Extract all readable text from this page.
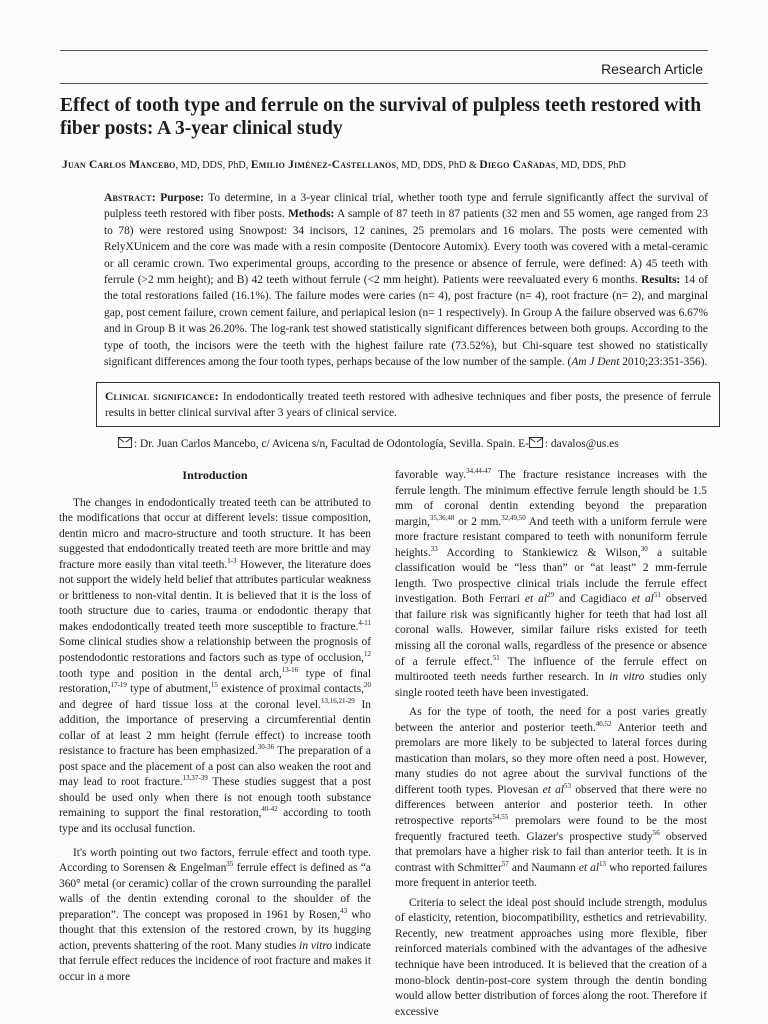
Research Article
Effect of tooth type and ferrule on the survival of pulpless teeth restored with fiber posts: A 3-year clinical study
Juan Carlos Mancebo, MD, DDS, PhD, Emilio Jiménez-Castellanos, MD, DDS, PhD & Diego Cañadas, MD, DDS, PhD

Abstract: Purpose: To determine, in a 3-year clinical trial, whether tooth type and ferrule significantly affect the survival of pulpless teeth restored with fiber posts. Methods: A sample of 87 teeth in 87 patients (32 men and 55 women, age ranged from 23 to 78) were restored using Snowpost: 34 incisors, 12 canines, 25 premolars and 16 molars. The posts were cemented with RelyXUnicem and the core was made with a resin composite (Dentocore Automix). Every tooth was covered with a metal-ceramic or all ceramic crown. Two experimental groups, according to the presence or absence of ferrule, were defined: A) 45 teeth with ferrule (>2 mm height); and B) 42 teeth without ferrule (<2 mm height). Patients were reevaluated every 6 months. Results: 14 of the total restorations failed (16.1%). The failure modes were caries (n= 4), post fracture (n= 4), root fracture (n= 2), and marginal gap, post cement failure, crown cement failure, and periapical lesion (n= 1 respectively). In Group A the failure observed was 6.67% and in Group B it was 26.20%. The log-rank test showed statistically significant differences between both groups. According to the type of tooth, the incisors were the teeth with the highest failure rate (73.52%), but Chi-square test showed no statistically significant differences among the four tooth types, perhaps because of the low number of the sample. (Am J Dent 2010;23:351-356).

Clinical significance: In endodontically treated teeth restored with adhesive techniques and fiber posts, the presence of ferrule results in better clinical survival after 3 years of clinical service.

: Dr. Juan Carlos Mancebo, c/ Avicena s/n, Facultad de Odontología, Sevilla. Spain. E- : davalos@us.es
Introduction

The changes in endodontically treated teeth can be attributed to the modifications that occur at different levels: tissue composition, dentin micro and macro-structure and tooth structure. It has been suggested that endodontically treated teeth are more brittle and may fracture more easily than vital teeth.$^{1-3}$ However, the literature does not support the widely held belief that attributes particular weakness or brittleness to non-vital dentin. It is believed that it is the loss of tooth structure due to caries, trauma or endodontic therapy that makes endodontically treated teeth more susceptible to fracture.$^{4-11}$ Some clinical studies show a relationship between the prognosis of postendodontic restorations and factors such as type of occlusion,$^{12}$ tooth type and position in the dental arch,$^{13-16}$ type of final restoration,$^{17-19}$ type of abutment,$^{15}$ existence of proximal contacts,$^{20}$ and degree of hard tissue loss at the coronal level.$^{13,16,21-29}$ In addition, the importance of preserving a circumferential dentin collar of at least 2 mm height (ferrule effect) to increase tooth resistance to fracture has been emphasized.$^{30-36}$ The preparation of a post space and the placement of a post can also weaken the root and may lead to root fracture.$^{13,37-39}$ These studies suggest that a post should be used only when there is not enough tooth substance remaining to support the final restoration,$^{40-42}$ according to tooth type and its occlusal function.

It's worth pointing out two factors, ferrule effect and tooth type. According to Sorensen & Engelman$^{35}$ ferrule effect is defined as “a 360° metal (or ceramic) collar of the crown surrounding the parallel walls of the dentin extending coronal to the shoulder of the preparation”. The concept was proposed in 1961 by Rosen,$^{43}$ who thought that this extension of the restored crown, by its hugging action, prevents shattering of the root. Many studies in vitro indicate that ferrule effect reduces the incidence of root fracture and makes it occur in a more

favorable way.$^{34,44-47}$ The fracture resistance increases with the ferrule length. The minimum effective ferrule length should be 1.5 mm of coronal dentin extending beyond the preparation margin,$^{35,36,48}$ or 2 mm.$^{32,49,50}$ And teeth with a uniform ferrule were more fracture resistant compared to teeth with nonuniform ferrule heights.$^{33}$ According to Stankiewicz & Wilson,$^{30}$ a suitable classification would be “less than” or “at least” 2 mm-ferrule length. Two prospective clinical trials include the ferrule effect investigation. Both Ferrari et $al^{29}$ and Cagidiaco et $al^{51}$ observed that failure risk was significantly higher for teeth that had lost all coronal walls. However, similar failure risks existed for teeth missing all the coronal walls, regardless of the presence or absence of a ferrule effect.$^{51}$ The influence of the ferrule effect on multirooted teeth needs further research. In in vitro studies only single rooted teeth have been investigated.

As for the type of tooth, the need for a post varies greatly between the anterior and posterior teeth.$^{40,52}$ Anterior teeth and premolars are more likely to be subjected to lateral forces during mastication than molars, so they more often need a post. However, many studies do not agree about the survival functions of the different tooth types. Piovesan et $al^{53}$ observed that there were no differences between anterior and posterior teeth. In other retrospective reports$^{54,55}$ premolars were found to be the most frequently fractured teeth. Glazer's prospective study$^{56}$ observed that premolars have a higher risk to fail than anterior teeth. It is in contrast with Schmitter$^{57}$ and Naumann et $al^{13}$ who reported failures more frequent in anterior teeth.

Criteria to select the ideal post should include strength, modulus of elasticity, retention, biocompatibility, esthetics and retrievability. Recently, new treatment approaches using more flexible, fiber reinforced materials combined with the advantages of the adhesive technique have been introduced. It is believed that the creation of a mono-block dentin-post-core system through the dentin bonding would allow better distribution of forces along the root. Therefore if excessive
